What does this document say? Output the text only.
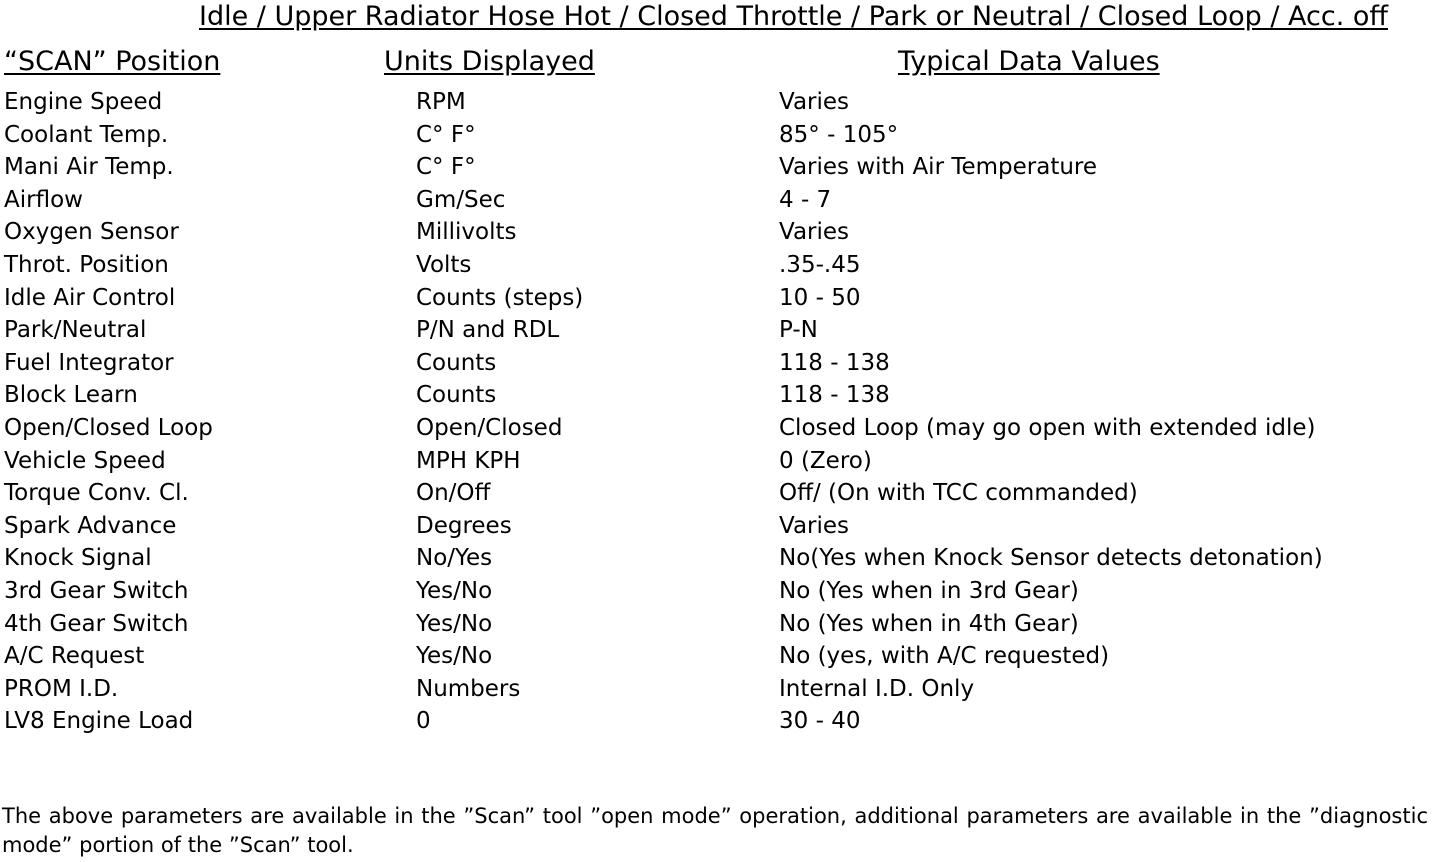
Idle / Upper Radiator Hose Hot / Closed Throttle / Park or Neutral / Closed Loop / Acc. off
“SCAN” Position	Units Displayed	Typical Data Values
Engine Speed	RPM	Varies
Coolant Temp.	C° F°	85° - 105°
Mani Air Temp.	C° F°	Varies with Air Temperature
Airflow	Gm/Sec	4 - 7
Oxygen Sensor	Millivolts	Varies
Throt. Position	Volts	.35-.45
Idle Air Control	Counts (steps)	10 - 50
Park/Neutral	P/N and RDL	P-N
Fuel Integrator	Counts	118 - 138
Block Learn	Counts	118 - 138
Open/Closed Loop	Open/Closed	Closed Loop (may go open with extended idle)
Vehicle Speed	MPH KPH	0 (Zero)
Torque Conv. Cl.	On/Off	Off/ (On with TCC commanded)
Spark Advance	Degrees	Varies
Knock Signal	No/Yes	No(Yes when Knock Sensor detects detonation)
3rd Gear Switch	Yes/No	No (Yes when in 3rd Gear)
4th Gear Switch	Yes/No	No (Yes when in 4th Gear)
A/C Request	Yes/No	No (yes, with A/C requested)
PROM I.D.	Numbers	Internal I.D. Only
LV8 Engine Load	0	30 - 40
The above parameters are available in the ”Scan” tool ”open mode” operation, additional parameters are available in the ”diagnostic mode” portion of the ”Scan” tool.
